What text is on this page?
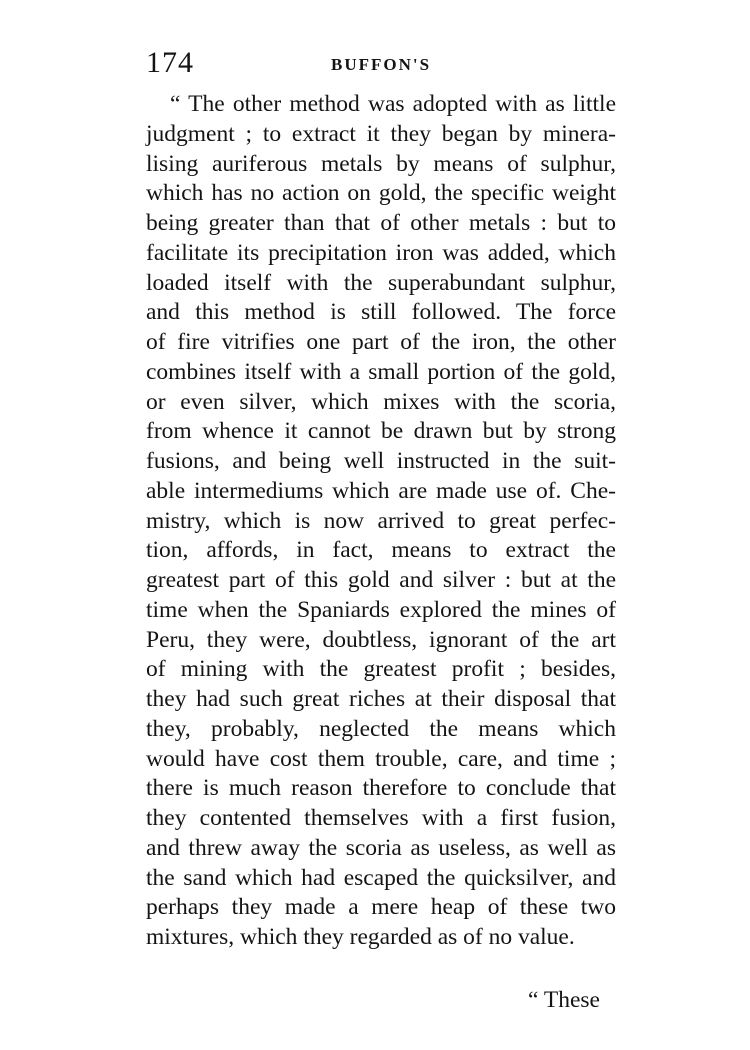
174	BUFFON'S
“ The other method was adopted with as little
judgment ; to extract it they began by minera-
lising auriferous metals by means of sulphur,
which has no action on gold, the specific weight
being greater than that of other metals : but to
facilitate its precipitation iron was added, which
loaded itself with the superabundant sulphur,
and this method is still followed. The force
of fire vitrifies one part of the iron, the other
combines itself with a small portion of the gold,
or even silver, which mixes with the scoria,
from whence it cannot be drawn but by strong
fusions, and being well instructed in the suit-
able intermediums which are made use of. Che-
mistry, which is now arrived to great perfec-
tion, affords, in fact, means to extract the
greatest part of this gold and silver : but at the
time when the Spaniards explored the mines of
Peru, they were, doubtless, ignorant of the art
of mining with the greatest profit ; besides,
they had such great riches at their disposal that
they, probably, neglected the means which
would have cost them trouble, care, and time ;
there is much reason therefore to conclude that
they contented themselves with a first fusion,
and threw away the scoria as useless, as well as
the sand which had escaped the quicksilver, and
perhaps they made a mere heap of these two
mixtures, which they regarded as of no value.
“ These
